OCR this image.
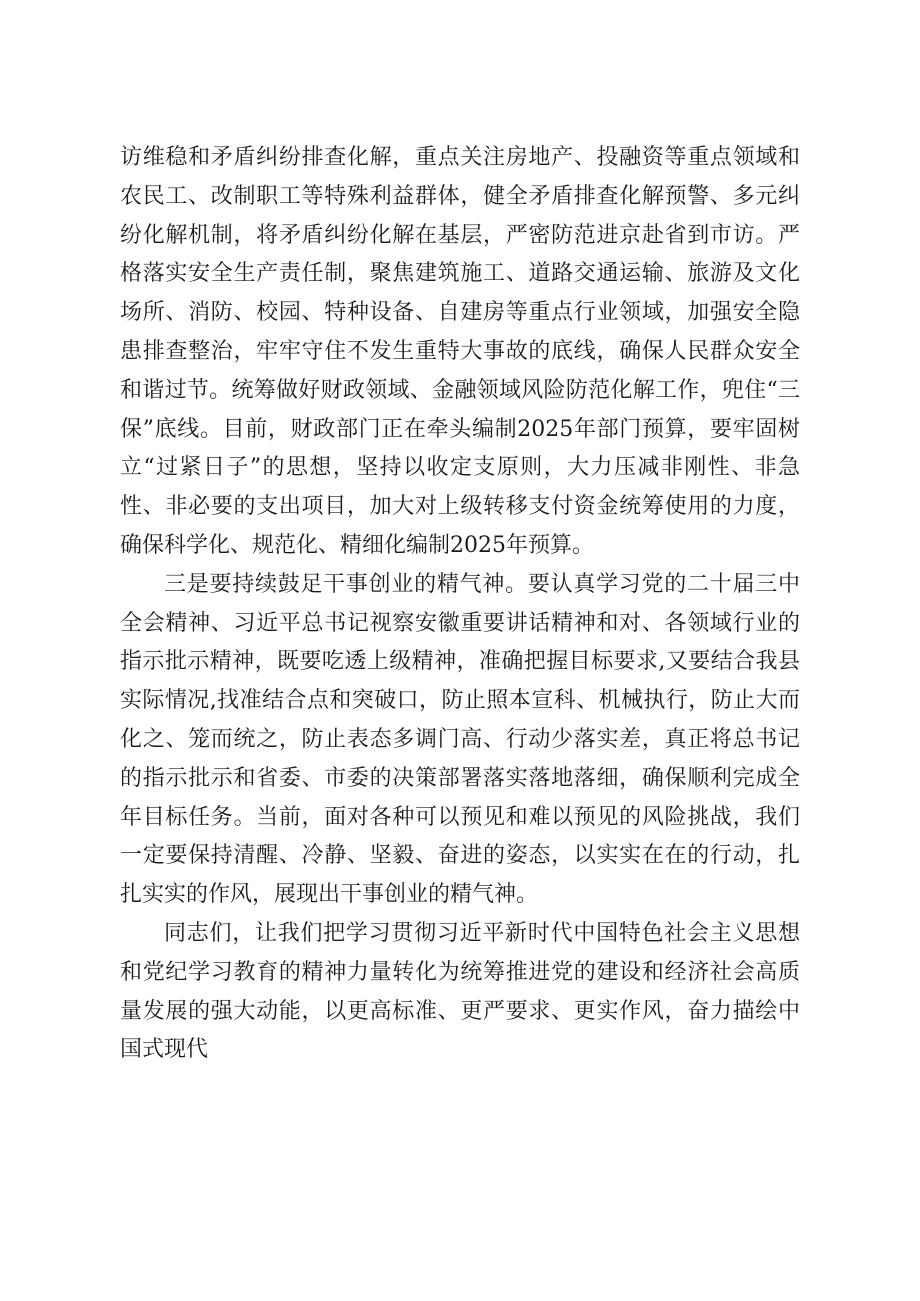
访维稳和矛盾纠纷排查化解，重点关注房地产、投融资等重点领域和农民工、改制职工等特殊利益群体，健全矛盾排查化解预警、多元纠纷化解机制，将矛盾纠纷化解在基层，严密防范进京赴省到市访。严格落实安全生产责任制，聚焦建筑施工、道路交通运输、旅游及文化场所、消防、校园、特种设备、自建房等重点行业领域，加强安全隐患排查整治，牢牢守住不发生重特大事故的底线，确保人民群众安全和谐过节。统筹做好财政领域、金融领域风险防范化解工作，兜住“三保”底线。目前，财政部门正在牵头编制2025年部门预算，要牢固树立“过紧日子”的思想，坚持以收定支原则，大力压减非刚性、非急性、非必要的支出项目，加大对上级转移支付资金统筹使用的力度，确保科学化、规范化、精细化编制2025年预算。

三是要持续鼓足干事创业的精气神。要认真学习党的二十届三中全会精神、习近平总书记视察安徽重要讲话精神和对、各领域行业的指示批示精神，既要吃透上级精神，准确把握目标要求,又要结合我县实际情况,找准结合点和突破口，防止照本宣科、机械执行，防止大而化之、笼而统之，防止表态多调门高、行动少落实差，真正将总书记的指示批示和省委、市委的决策部署落实落地落细，确保顺利完成全年目标任务。当前，面对各种可以预见和难以预见的风险挑战，我们一定要保持清醒、冷静、坚毅、奋进的姿态，以实实在在的行动，扎扎实实的作风，展现出干事创业的精气神。

同志们，让我们把学习贯彻习近平新时代中国特色社会主义思想和党纪学习教育的精神力量转化为统筹推进党的建设和经济社会高质量发展的强大动能，以更高标准、更严要求、更实作风，奋力描绘中国式现代
